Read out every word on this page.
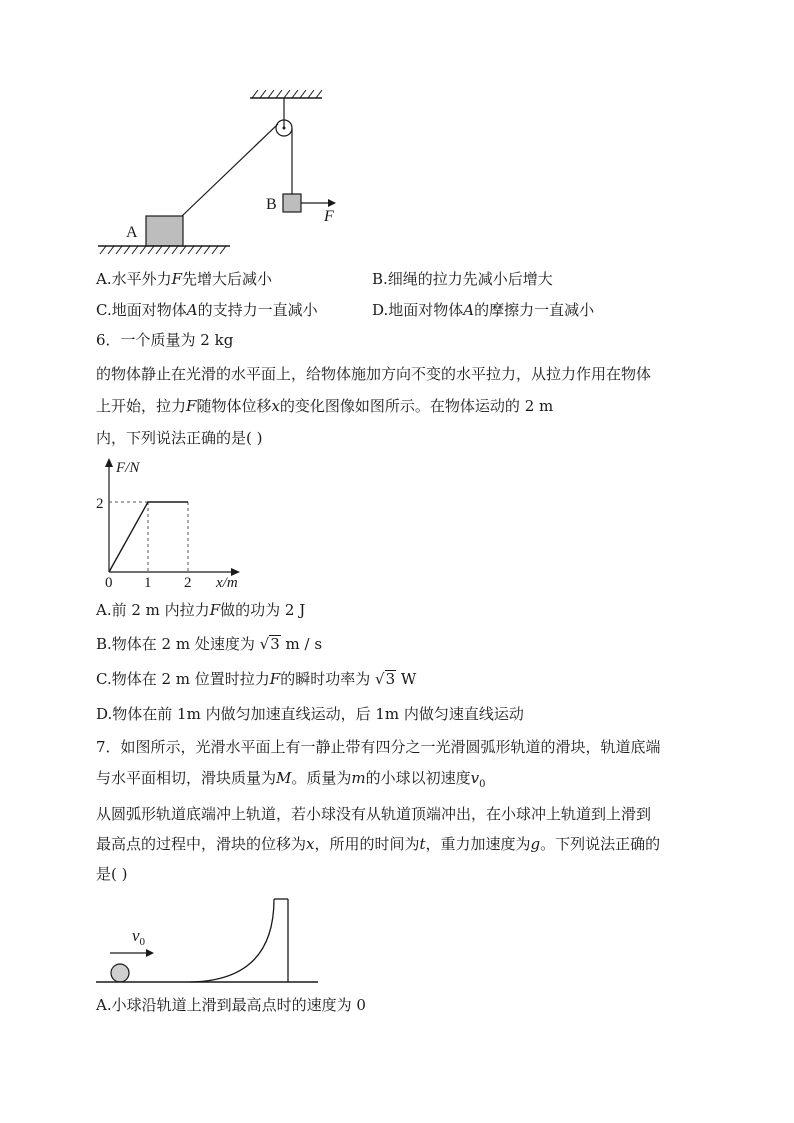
A
B
F
A.水平外力F先增大后减小	B.细绳的拉力先减小后增大
C.地面对物体A的支持力一直减小	D.地面对物体A的摩擦力一直减小
6．一个质量为 2 kg
的物体静止在光滑的水平面上，给物体施加方向不变的水平拉力，从拉力作用在物体
上开始，拉力F随物体位移x的变化图像如图所示。在物体运动的 2 m
内，下列说法正确的是( )
F/N
x/m
0
2
1 2
A.前 2 m 内拉力F做的功为 2 J
B.物体在 2 m 处速度为 √3 m / s
C.物体在 2 m 位置时拉力F的瞬时功率为 √3 W
D.物体在前 1m 内做匀加速直线运动，后 1m 内做匀速直线运动
7．如图所示，光滑水平面上有一静止带有四分之一光滑圆弧形轨道的滑块，轨道底端
与水平面相切，滑块质量为M。质量为m的小球以初速度$v_0$
从圆弧形轨道底端冲上轨道，若小球没有从轨道顶端冲出，在小球冲上轨道到上滑到
最高点的过程中，滑块的位移为x，所用的时间为t，重力加速度为g。下列说法正确的
是( )
$v_0$
A.小球沿轨道上滑到最高点时的速度为 0
